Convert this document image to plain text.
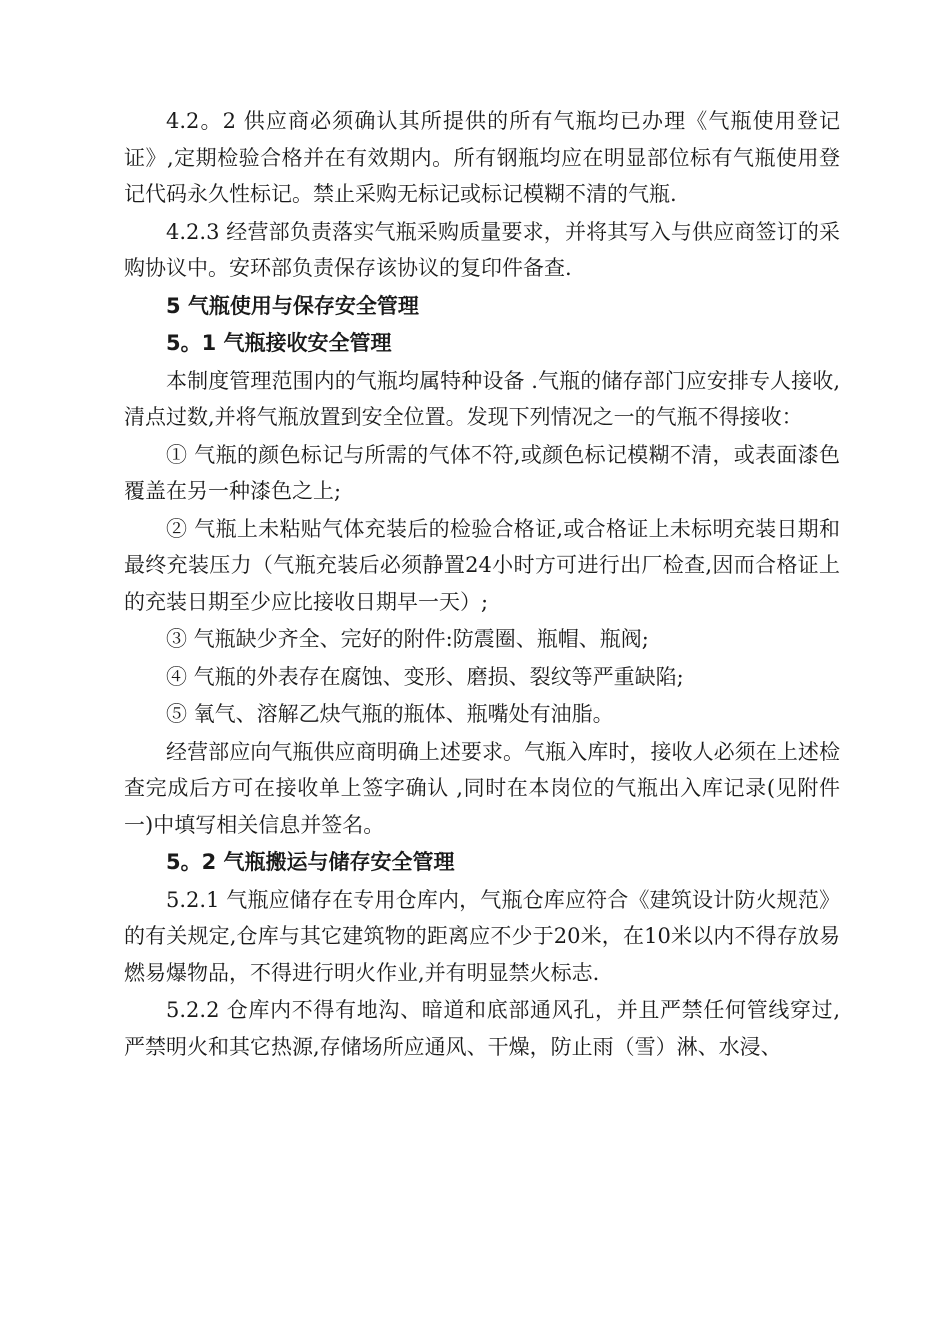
4.2。2 供应商必须确认其所提供的所有气瓶均已办理《气瓶使用登记证》,定期检验合格并在有效期内。所有钢瓶均应在明显部位标有气瓶使用登记代码永久性标记。禁止采购无标记或标记模糊不清的气瓶.

4.2.3 经营部负责落实气瓶采购质量要求，并将其写入与供应商签订的采购协议中。安环部负责保存该协议的复印件备查.

5 气瓶使用与保存安全管理

5。1 气瓶接收安全管理

本制度管理范围内的气瓶均属特种设备 .气瓶的储存部门应安排专人接收,清点过数,并将气瓶放置到安全位置。发现下列情况之一的气瓶不得接收：

① 气瓶的颜色标记与所需的气体不符,或颜色标记模糊不清，或表面漆色覆盖在另一种漆色之上;

② 气瓶上未粘贴气体充装后的检验合格证,或合格证上未标明充装日期和最终充装压力（气瓶充装后必须静置24小时方可进行出厂检查,因而合格证上的充装日期至少应比接收日期早一天）;

③ 气瓶缺少齐全、完好的附件:防震圈、瓶帽、瓶阀;

④ 气瓶的外表存在腐蚀、变形、磨损、裂纹等严重缺陷;

⑤ 氧气、溶解乙炔气瓶的瓶体、瓶嘴处有油脂。

经营部应向气瓶供应商明确上述要求。气瓶入库时，接收人必须在上述检查完成后方可在接收单上签字确认 ,同时在本岗位的气瓶出入库记录(见附件一)中填写相关信息并签名。

5。2 气瓶搬运与储存安全管理

5.2.1 气瓶应储存在专用仓库内，气瓶仓库应符合《建筑设计防火规范》的有关规定,仓库与其它建筑物的距离应不少于20米，在10米以内不得存放易燃易爆物品，不得进行明火作业,并有明显禁火标志.

5.2.2 仓库内不得有地沟、暗道和底部通风孔，并且严禁任何管线穿过,严禁明火和其它热源,存储场所应通风、干燥，防止雨（雪）淋、水浸、
